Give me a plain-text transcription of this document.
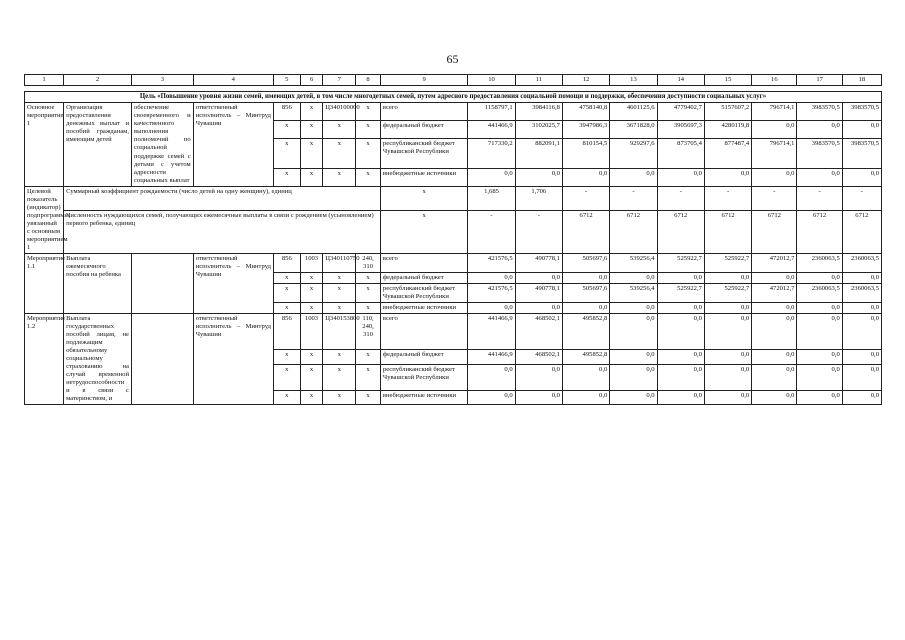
65
1	2	3	4	5	6	7	8	9	10	11	12	13	14	15	16	17	18

Цель «Повышение уровня жизни семей, имеющих детей, в том числе многодетных семей, путем адресного предоставления социальной помощи и поддержки, обеспечения доступности социальных услуг»																	
Основное мероприятие 1	Организация предоставления денежных выплат и пособий гражданам, имеющим детей	обеспечение своевременного и качественного выполнения полномочий по социальной поддержке семей с детьми с учетом адресности социальных выплат	ответственный исполнитель – Минтруд Чувашии	856	x	Ц340100000	x	всего	1158797,1	3984116,8	4758140,8	4601125,6	4779402,7	5157607,2	796714,1	3983570,5	3983570,5
				x	x	x	x	федеральный бюджет	441466,9	3102025,7	3947986,3	3671828,0	3905697,3	4280119,8	0,0	0,0	0,0
				x	x	x	x	республиканский бюджет Чувашской Республики	717330,2	882091,1	810154,5	929297,6	873705,4	877487,4	796714,1	3983570,5	3983570,5
				x	x	x	x	внебюджетные источники	0,0	0,0	0,0	0,0	0,0	0,0	0,0	0,0	0,0
Целевой показатель (индикатор) подпрограммы, увязанный с основным мероприятием 1	Суммарный коэффициент рождаемости (число детей на одну женщину), единиц							x	1,685	1,706	-	-	-	-	-	-	-
	Численность нуждающихся семей, получающих ежемесячные выплаты в связи с рождением (усыновлением) первого ребенка, единиц							x	-	-	6712	6712	6712	6712	6712	6712	6712
Мероприятие 1.1	Выплата ежемесячного пособия на ребенка		ответственный исполнитель – Минтруд Чувашии	856	1003	Ц340110750	240, 310	всего	421576,5	490778,1	505697,6	539256,4	525922,7	525922,7	472012,7	2360063,5	2360063,5
				x	x	x	x	федеральный бюджет	0,0	0,0	0,0	0,0	0,0	0,0	0,0	0,0	0,0
				x	x	x	x	республиканский бюджет Чувашской Республики	421576,5	490778,1	505697,6	539256,4	525922,7	525922,7	472012,7	2360063,5	2360063,5
				x	x	x	x	внебюджетные источники	0,0	0,0	0,0	0,0	0,0	0,0	0,0	0,0	0,0
Мероприятие 1.2	Выплата государственных пособий лицам, не подлежащим обязательному социальному страхованию на случай временной нетрудоспособности и в связи с материнством, и		ответственный исполнитель – Минтруд Чувашии	856	1003	Ц340153800	110, 240, 310	всего	441466,9	468502,1	495852,8	0,0	0,0	0,0	0,0	0,0	0,0
				x	x	x	x	федеральный бюджет	441466,9	468502,1	495852,8	0,0	0,0	0,0	0,0	0,0	0,0
				x	x	x	x	республиканский бюджет Чувашской Республики	0,0	0,0	0,0	0,0	0,0	0,0	0,0	0,0	0,0
				x	x	x	x	внебюджетные источники	0,0	0,0	0,0	0,0	0,0	0,0	0,0	0,0	0,0
